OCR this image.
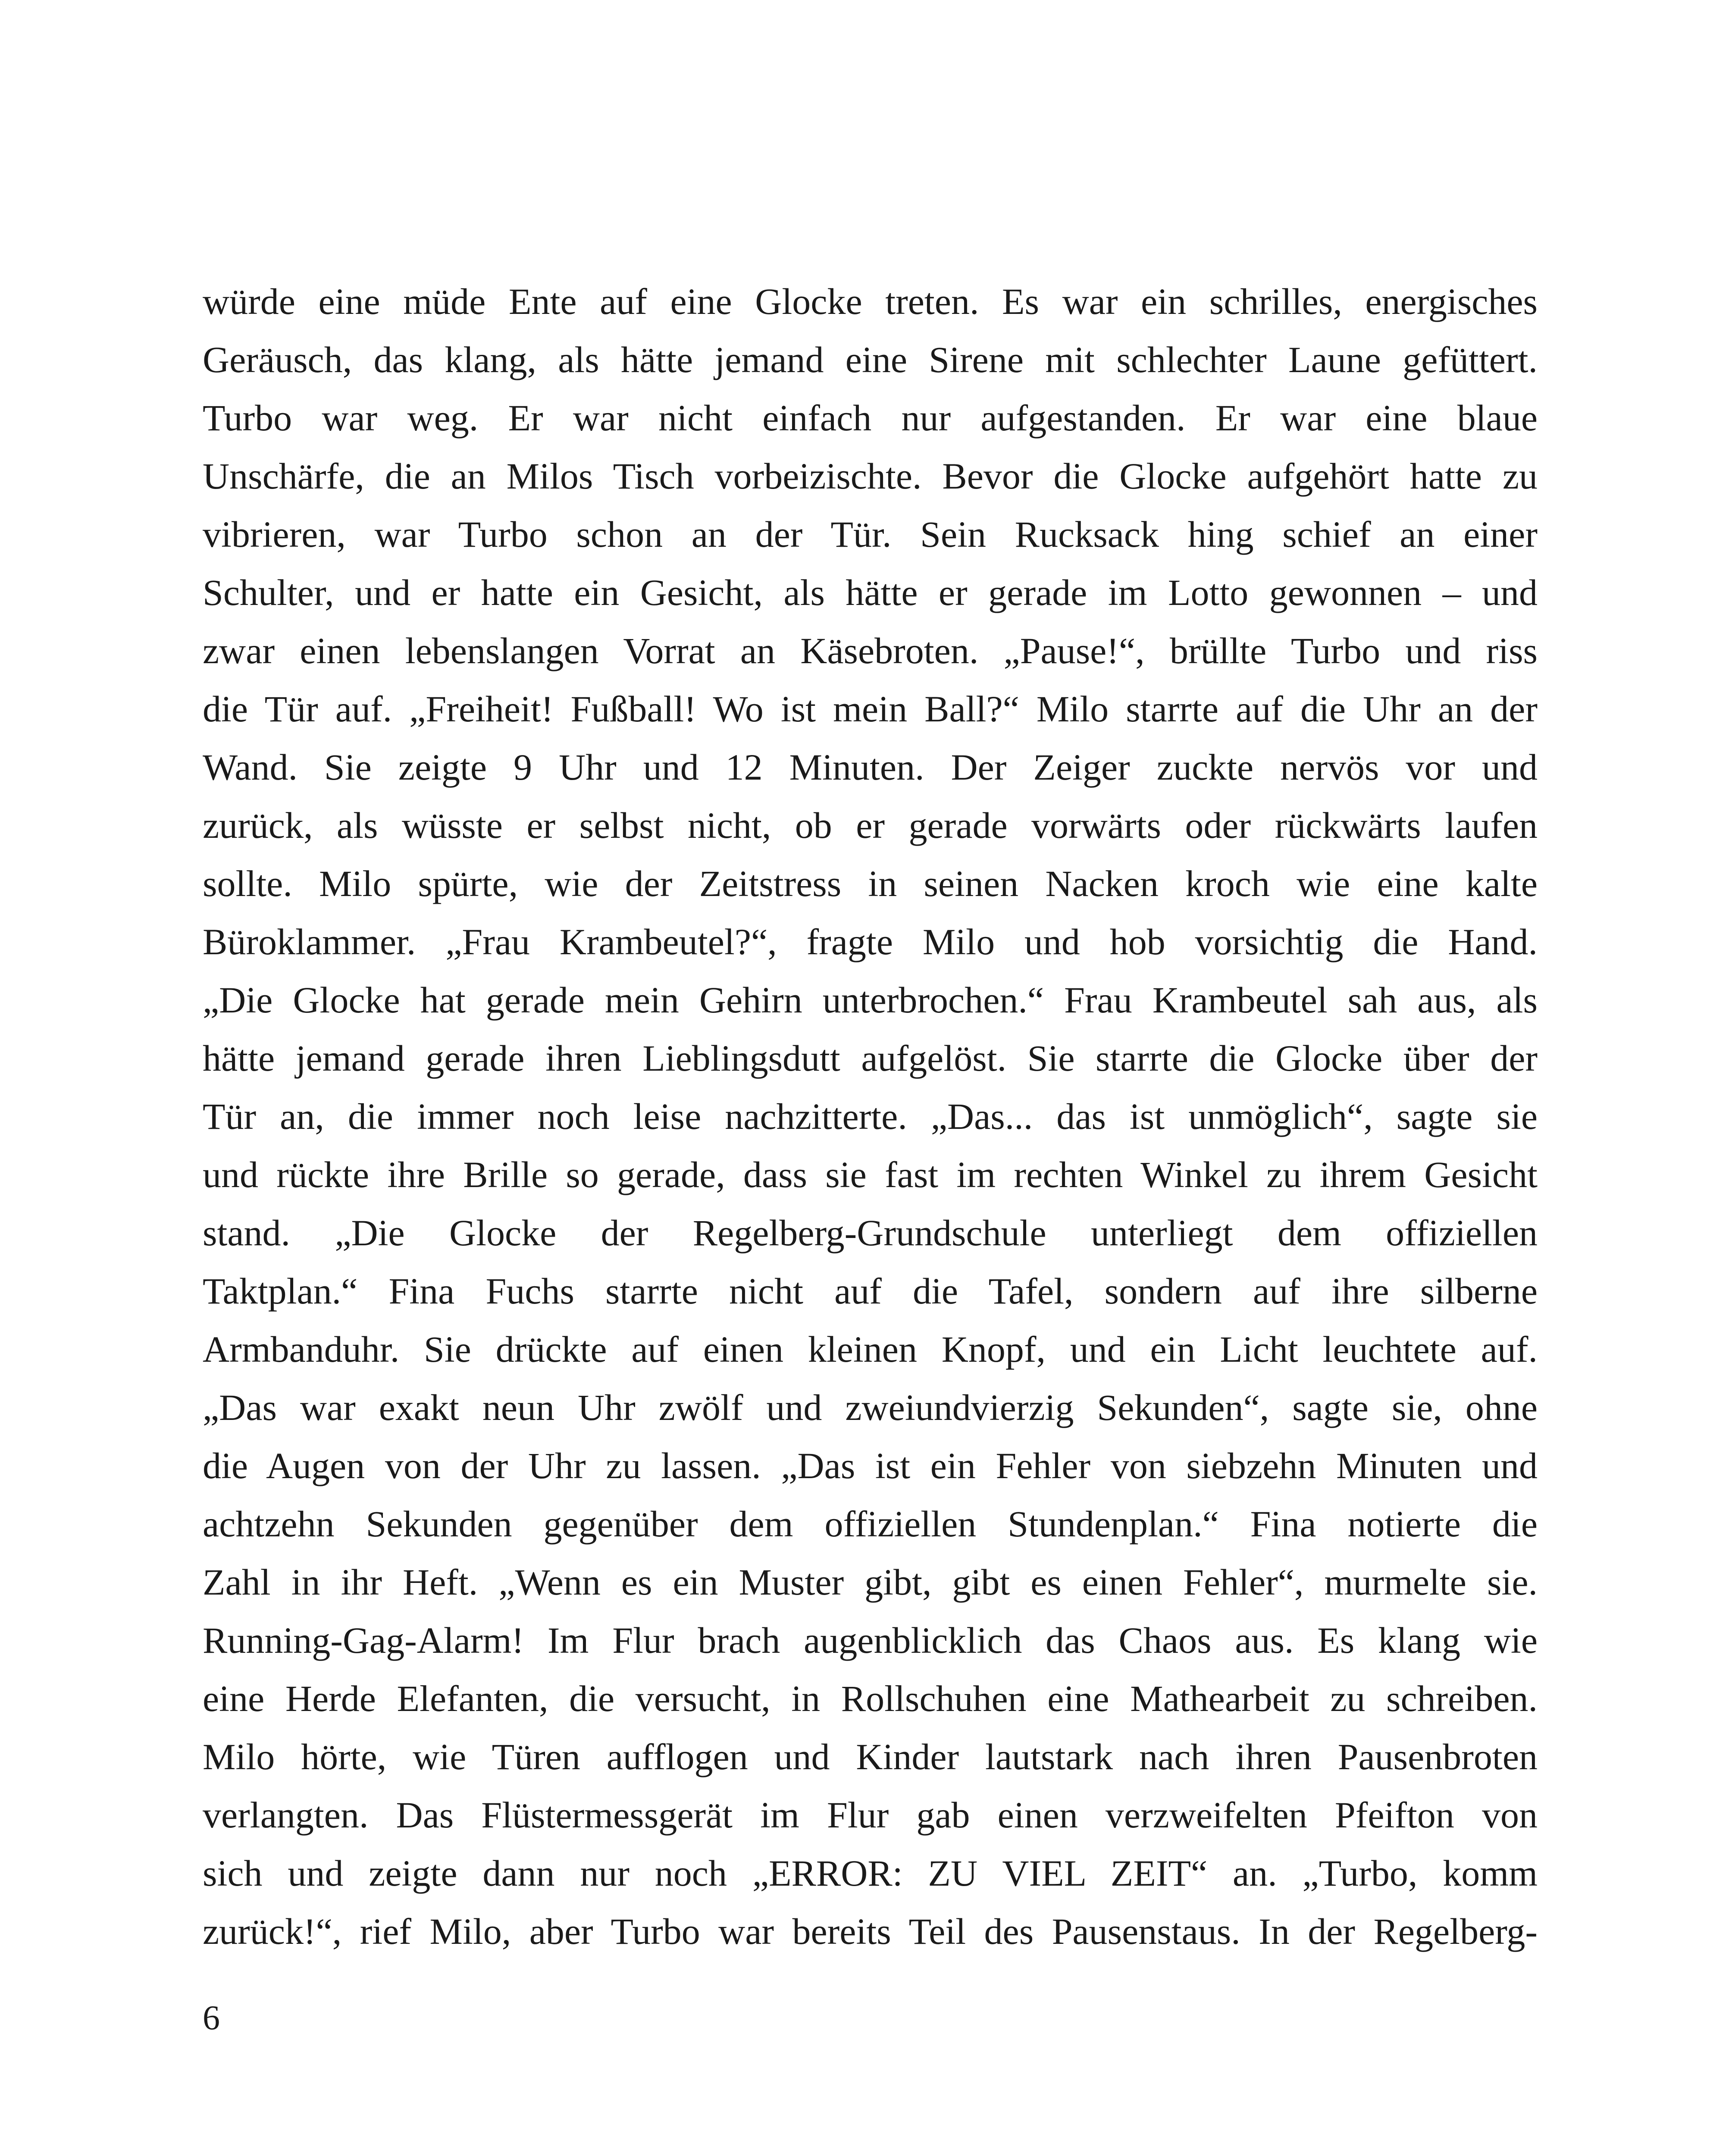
würde eine müde Ente auf eine Glocke treten. Es war ein schrilles, energisches
Geräusch, das klang, als hätte jemand eine Sirene mit schlechter Laune gefüttert.
Turbo war weg. Er war nicht einfach nur aufgestanden. Er war eine blaue
Unschärfe, die an Milos Tisch vorbeizischte. Bevor die Glocke aufgehört hatte zu
vibrieren, war Turbo schon an der Tür. Sein Rucksack hing schief an einer
Schulter, und er hatte ein Gesicht, als hätte er gerade im Lotto gewonnen – und
zwar einen lebenslangen Vorrat an Käsebroten. „Pause!“, brüllte Turbo und riss
die Tür auf. „Freiheit! Fußball! Wo ist mein Ball?“ Milo starrte auf die Uhr an der
Wand. Sie zeigte 9 Uhr und 12 Minuten. Der Zeiger zuckte nervös vor und
zurück, als wüsste er selbst nicht, ob er gerade vorwärts oder rückwärts laufen
sollte. Milo spürte, wie der Zeitstress in seinen Nacken kroch wie eine kalte
Büroklammer. „Frau Krambeutel?“, fragte Milo und hob vorsichtig die Hand.
„Die Glocke hat gerade mein Gehirn unterbrochen.“ Frau Krambeutel sah aus, als
hätte jemand gerade ihren Lieblingsdutt aufgelöst. Sie starrte die Glocke über der
Tür an, die immer noch leise nachzitterte. „Das... das ist unmöglich“, sagte sie
und rückte ihre Brille so gerade, dass sie fast im rechten Winkel zu ihrem Gesicht
stand. „Die Glocke der Regelberg-Grundschule unterliegt dem offiziellen
Taktplan.“ Fina Fuchs starrte nicht auf die Tafel, sondern auf ihre silberne
Armbanduhr. Sie drückte auf einen kleinen Knopf, und ein Licht leuchtete auf.
„Das war exakt neun Uhr zwölf und zweiundvierzig Sekunden“, sagte sie, ohne
die Augen von der Uhr zu lassen. „Das ist ein Fehler von siebzehn Minuten und
achtzehn Sekunden gegenüber dem offiziellen Stundenplan.“ Fina notierte die
Zahl in ihr Heft. „Wenn es ein Muster gibt, gibt es einen Fehler“, murmelte sie.
Running-Gag-Alarm! Im Flur brach augenblicklich das Chaos aus. Es klang wie
eine Herde Elefanten, die versucht, in Rollschuhen eine Mathearbeit zu schreiben.
Milo hörte, wie Türen aufflogen und Kinder lautstark nach ihren Pausenbroten
verlangten. Das Flüstermessgerät im Flur gab einen verzweifelten Pfeifton von
sich und zeigte dann nur noch „ERROR: ZU VIEL ZEIT“ an. „Turbo, komm
zurück!“, rief Milo, aber Turbo war bereits Teil des Pausenstaus. In der Regelberg-
6
